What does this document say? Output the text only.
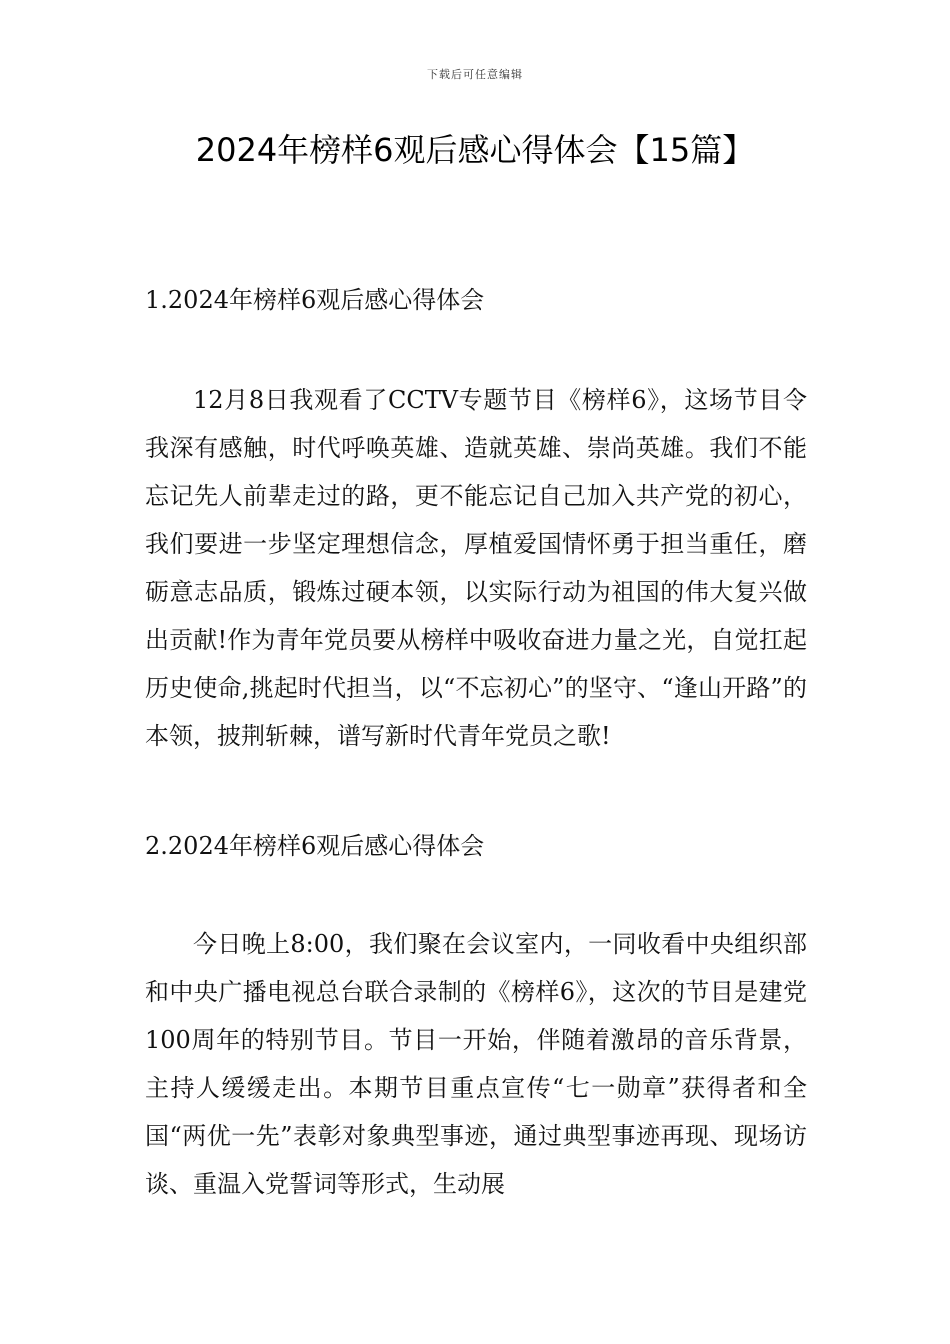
下载后可任意编辑
2024年榜样6观后感心得体会【15篇】
1.2024年榜样6观后感心得体会

12月8日我观看了CCTV专题节目《榜样6》，这场节目令我深有感触，时代呼唤英雄、造就英雄、崇尚英雄。我们不能忘记先人前辈走过的路，更不能忘记自己加入共产党的初心，我们要进一步坚定理想信念，厚植爱国情怀勇于担当重任，磨砺意志品质，锻炼过硬本领，以实际行动为祖国的伟大复兴做出贡献!作为青年党员要从榜样中吸收奋进力量之光，自觉扛起历史使命,挑起时代担当，以“不忘初心”的坚守、“逢山开路”的本领，披荆斩棘，谱写新时代青年党员之歌!

2.2024年榜样6观后感心得体会

今日晚上8:00，我们聚在会议室内，一同收看中央组织部和中央广播电视总台联合录制的《榜样6》，这次的节目是建党100周年的特别节目。节目一开始，伴随着激昂的音乐背景，主持人缓缓走出。本期节目重点宣传“七一勋章”获得者和全国“两优一先”表彰对象典型事迹，通过典型事迹再现、现场访谈、重温入党誓词等形式，生动展
